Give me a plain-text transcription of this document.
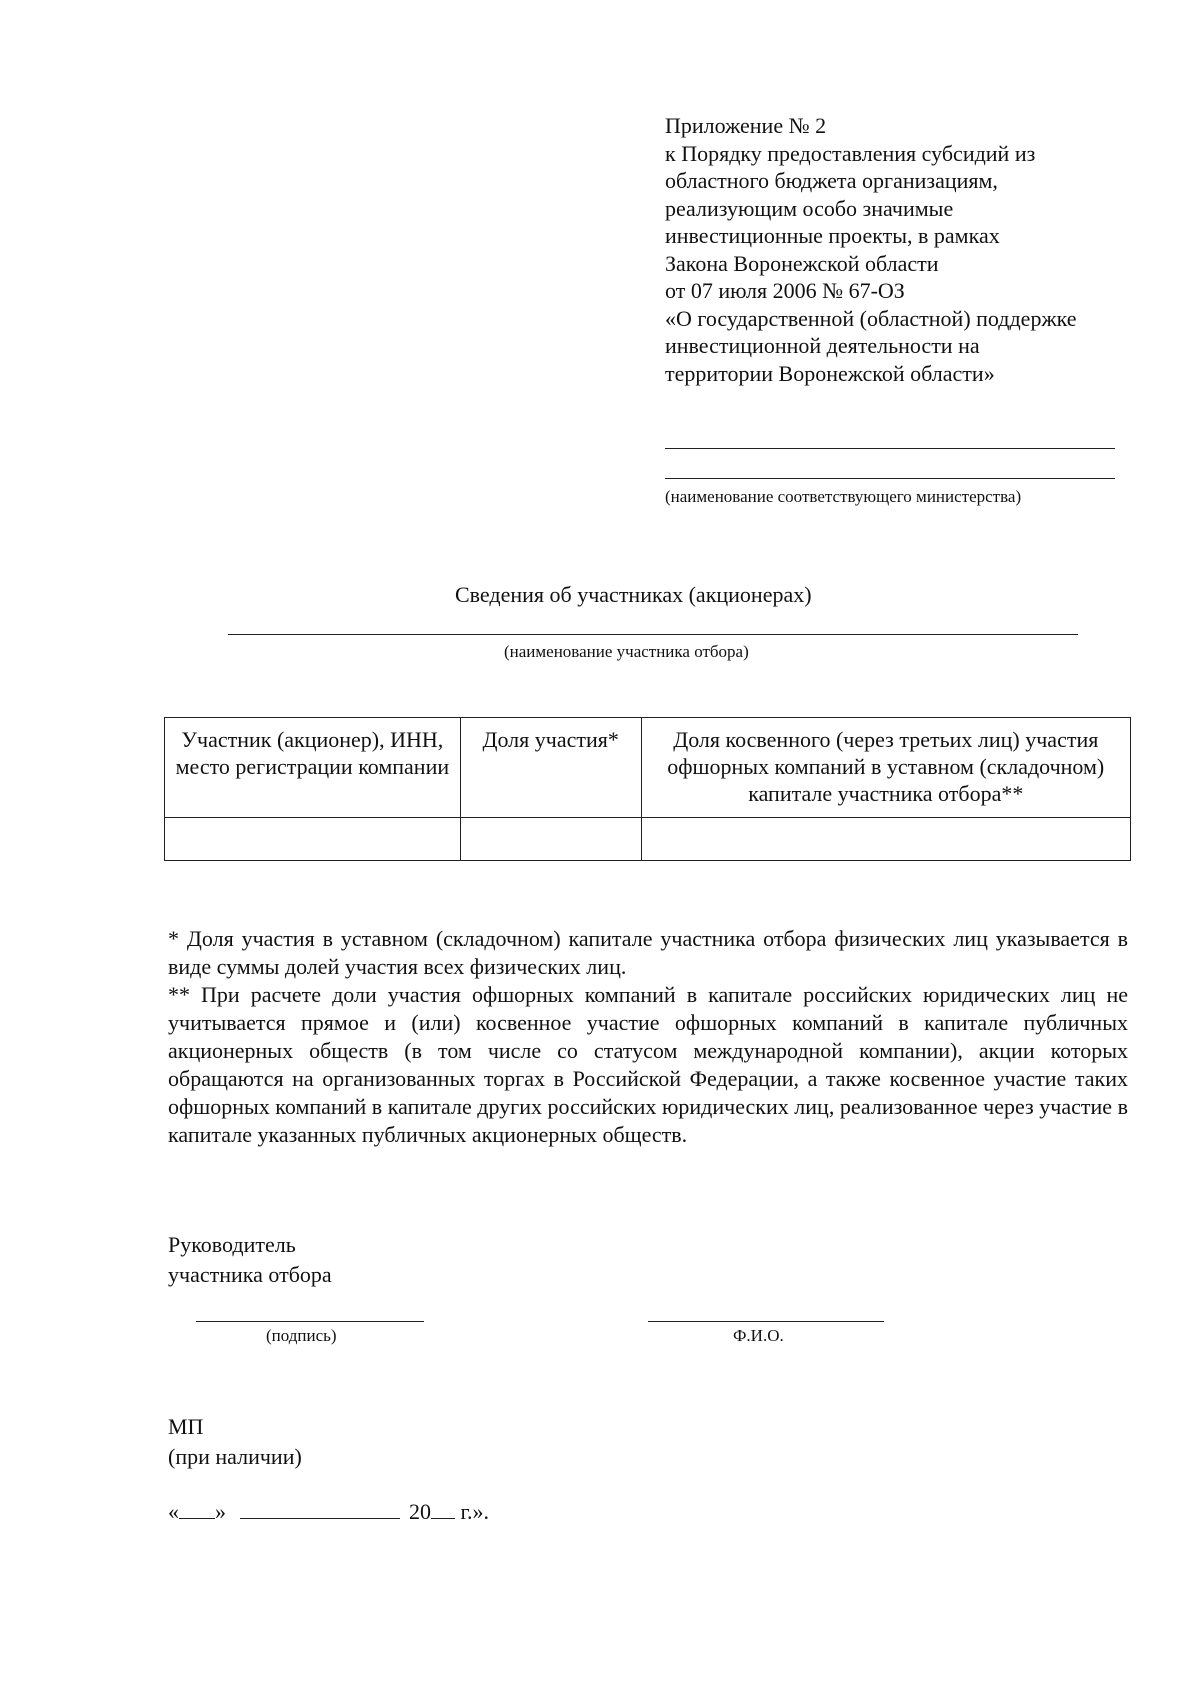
Приложение № 2
к Порядку предоставления субсидий из
областного бюджета организациям,
реализующим особо значимые
инвестиционные проекты, в рамках
Закона Воронежской области
от 07 июля 2006 № 67-ОЗ
«О государственной (областной) поддержке
инвестиционной деятельности на
территории Воронежской области»
(наименование соответствующего министерства)
Сведения об участниках (акционерах)
(наименование участника отбора)
Участник (акционер), ИНН, место регистрации компании	Доля участия*	Доля косвенного (через третьих лиц) участия офшорных компаний в уставном (складочном) капитале участника отбора**

* Доля участия в уставном (складочном) капитале участника отбора физических лиц указывается в виде суммы долей участия всех физических лиц.

** При расчете доли участия офшорных компаний в капитале российских юридических лиц не учитывается прямое и (или) косвенное участие офшорных компаний в капитале публичных акционерных обществ (в том числе со статусом международной компании), акции которых обращаются на организованных торгах в Российской Федерации, а также косвенное участие таких офшорных компаний в капитале других российских юридических лиц, реализованное через участие в капитале указанных публичных акционерных обществ.

Руководитель
участника отбора
(подпись)	Ф.И.О.
МП
(при наличии)
« »	20 г.».
